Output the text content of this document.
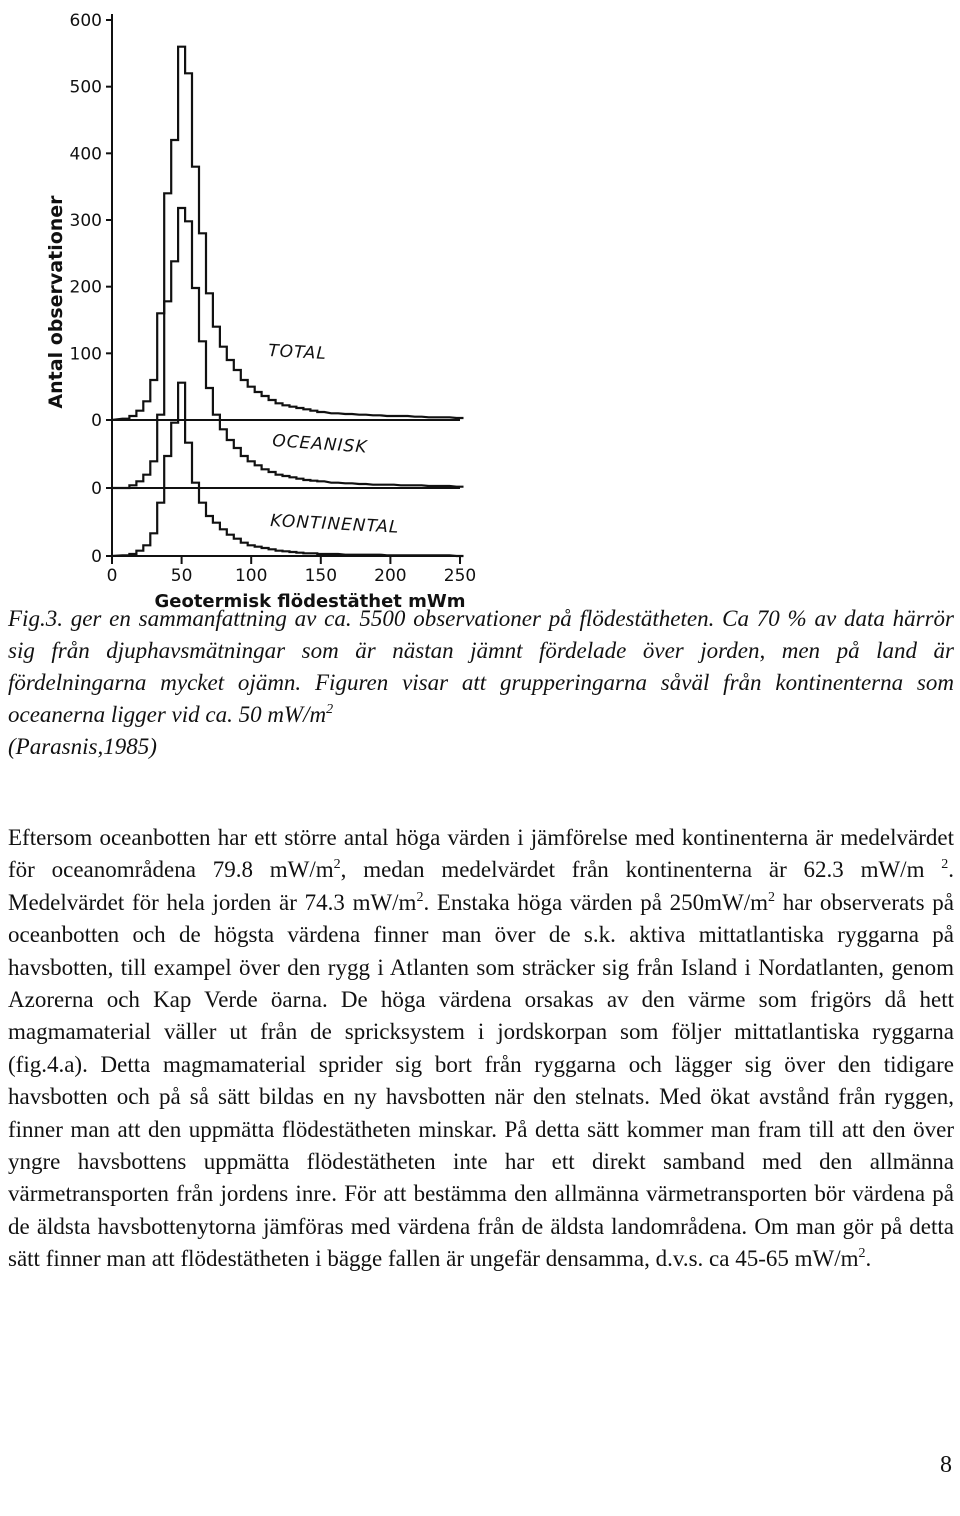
600
500
400
300
200
100
0
0
0
0	50	100 150 200 250
TOTAL
OCEANISK
KONTINENTAL
Antal observationer
Geotermisk flödestäthet mWm

Fig.3. ger en sammanfattning av ca. 5500 observationer på flödestätheten. Ca 70 % av data härrör sig från djuphavsmätningar som är nästan jämnt fördelade över jorden, men på land är fördelningarna mycket ojämn. Figuren visar att grupperingarna såväl från kontinenterna som oceanerna ligger vid ca. 50 $mW/m^2$
(Parasnis,1985)

Eftersom oceanbotten har ett större antal höga värden i jämförelse med kontinenterna är medelvärdet för oceanområdena 79.8 $mW/m^2$, medan medelvärdet från kontinenterna är 62.3 mW/m $^2$. Medelvärdet för hela jorden är 74.3 $mW/m^2$. Enstaka höga värden på $250mW/m^2$ har observerats på oceanbotten och de högsta värdena finner man över de s.k. aktiva mittatlantiska ryggarna på havsbotten, till exampel över den rygg i Atlanten som sträcker sig från Island i Nordatlanten, genom Azorerna och Kap Verde öarna. De höga värdena orsakas av den värme som frigörs då hett magmamaterial väller ut från de spricksystem i jordskorpan som följer mittatlantiska ryggarna (fig.4.a). Detta magmamaterial sprider sig bort från ryggarna och lägger sig över den tidigare havsbotten och på så sätt bildas en ny havsbotten när den stelnats. Med ökat avstånd från ryggen, finner man att den uppmätta flödestätheten minskar. På detta sätt kommer man fram till att den över yngre havsbottens uppmätta flödestätheten inte har ett direkt samband med den allmänna värmetransporten från jordens inre. För att bestämma den allmänna värmetransporten bör värdena på de äldsta havsbottenytorna jämföras med värdena från de äldsta landområdena. Om man gör på detta sätt finner man att flödestätheten i bägge fallen är ungefär densamma, d.v.s. ca 45-65 $mW/m^2$.

8
